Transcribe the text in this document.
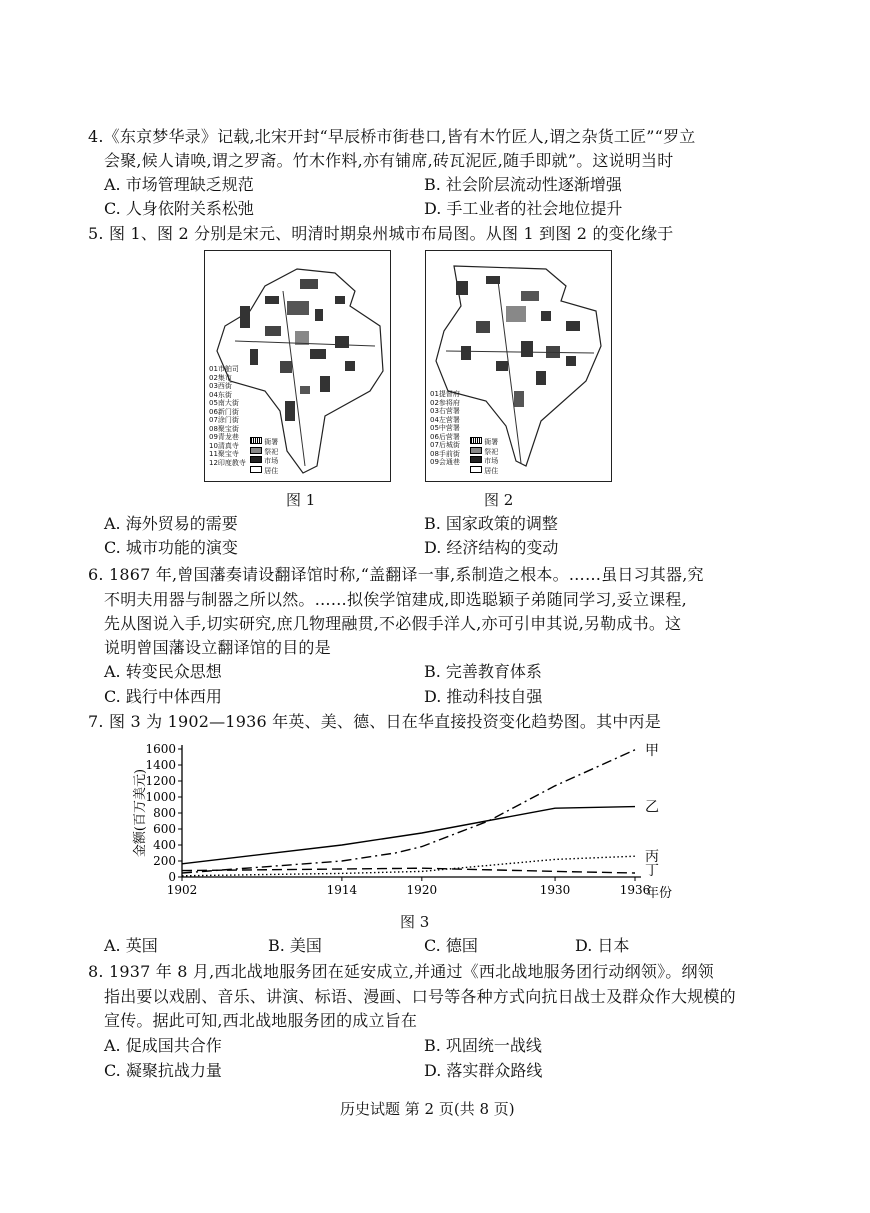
4.《东京梦华录》记载,北宋开封“早辰桥市街巷口,皆有木竹匠人,谓之杂货工匠”“罗立
会聚,候人请唤,谓之罗斋。竹木作料,亦有铺席,砖瓦泥匠,随手即就”。这说明当时
A. 市场管理缺乏规范	B. 社会阶层流动性逐渐增强
C. 人身依附关系松弛	D. 手工业者的社会地位提升
5. 图 1、图 2 分别是宋元、明清时期泉州城市布局图。从图 1 到图 2 的变化缘于
01市舶司
02集市
03西街
04东街
05南大街
06新门街
07涂门街
08聚宝街
09青龙巷
10清真寺
11聚宝寺
12印度教寺
衙署
祭祀
市场
居住
01提督府
02参将府
03右营署
04左营署
05中营署
06后营署
07后城街
08手前街
09会通巷
衙署
祭祀
市场
居住
图 1	图 2
A. 海外贸易的需要	B. 国家政策的调整
C. 城市功能的演变	D. 经济结构的变动
6. 1867 年,曾国藩奏请设翻译馆时称,“盖翻译一事,系制造之根本。……虽日习其器,究
不明夫用器与制器之所以然。……拟俟学馆建成,即选聪颖子弟随同学习,妥立课程,
先从图说入手,切实研究,庶几物理融贯,不必假手洋人,亦可引申其说,另勒成书。这
说明曾国藩设立翻译馆的目的是
A. 转变民众思想	B. 完善教育体系
C. 践行中体西用	D. 推动科技自强
7. 图 3 为 1902—1936 年英、美、德、日在华直接投资变化趋势图。其中丙是
金额(百万美元)
年份
0
200
400
600
800
1000
1200
1400
1600
1902	1914	1920	1930	1936
甲
乙
丙
丁
图 3
A. 英国	B. 美国	C. 德国	D. 日本
8. 1937 年 8 月,西北战地服务团在延安成立,并通过《西北战地服务团行动纲领》。纲领
指出要以戏剧、音乐、讲演、标语、漫画、口号等各种方式向抗日战士及群众作大规模的
宣传。据此可知,西北战地服务团的成立旨在
A. 促成国共合作	B. 巩固统一战线
C. 凝聚抗战力量	D. 落实群众路线
历史试题 第 2 页(共 8 页)
